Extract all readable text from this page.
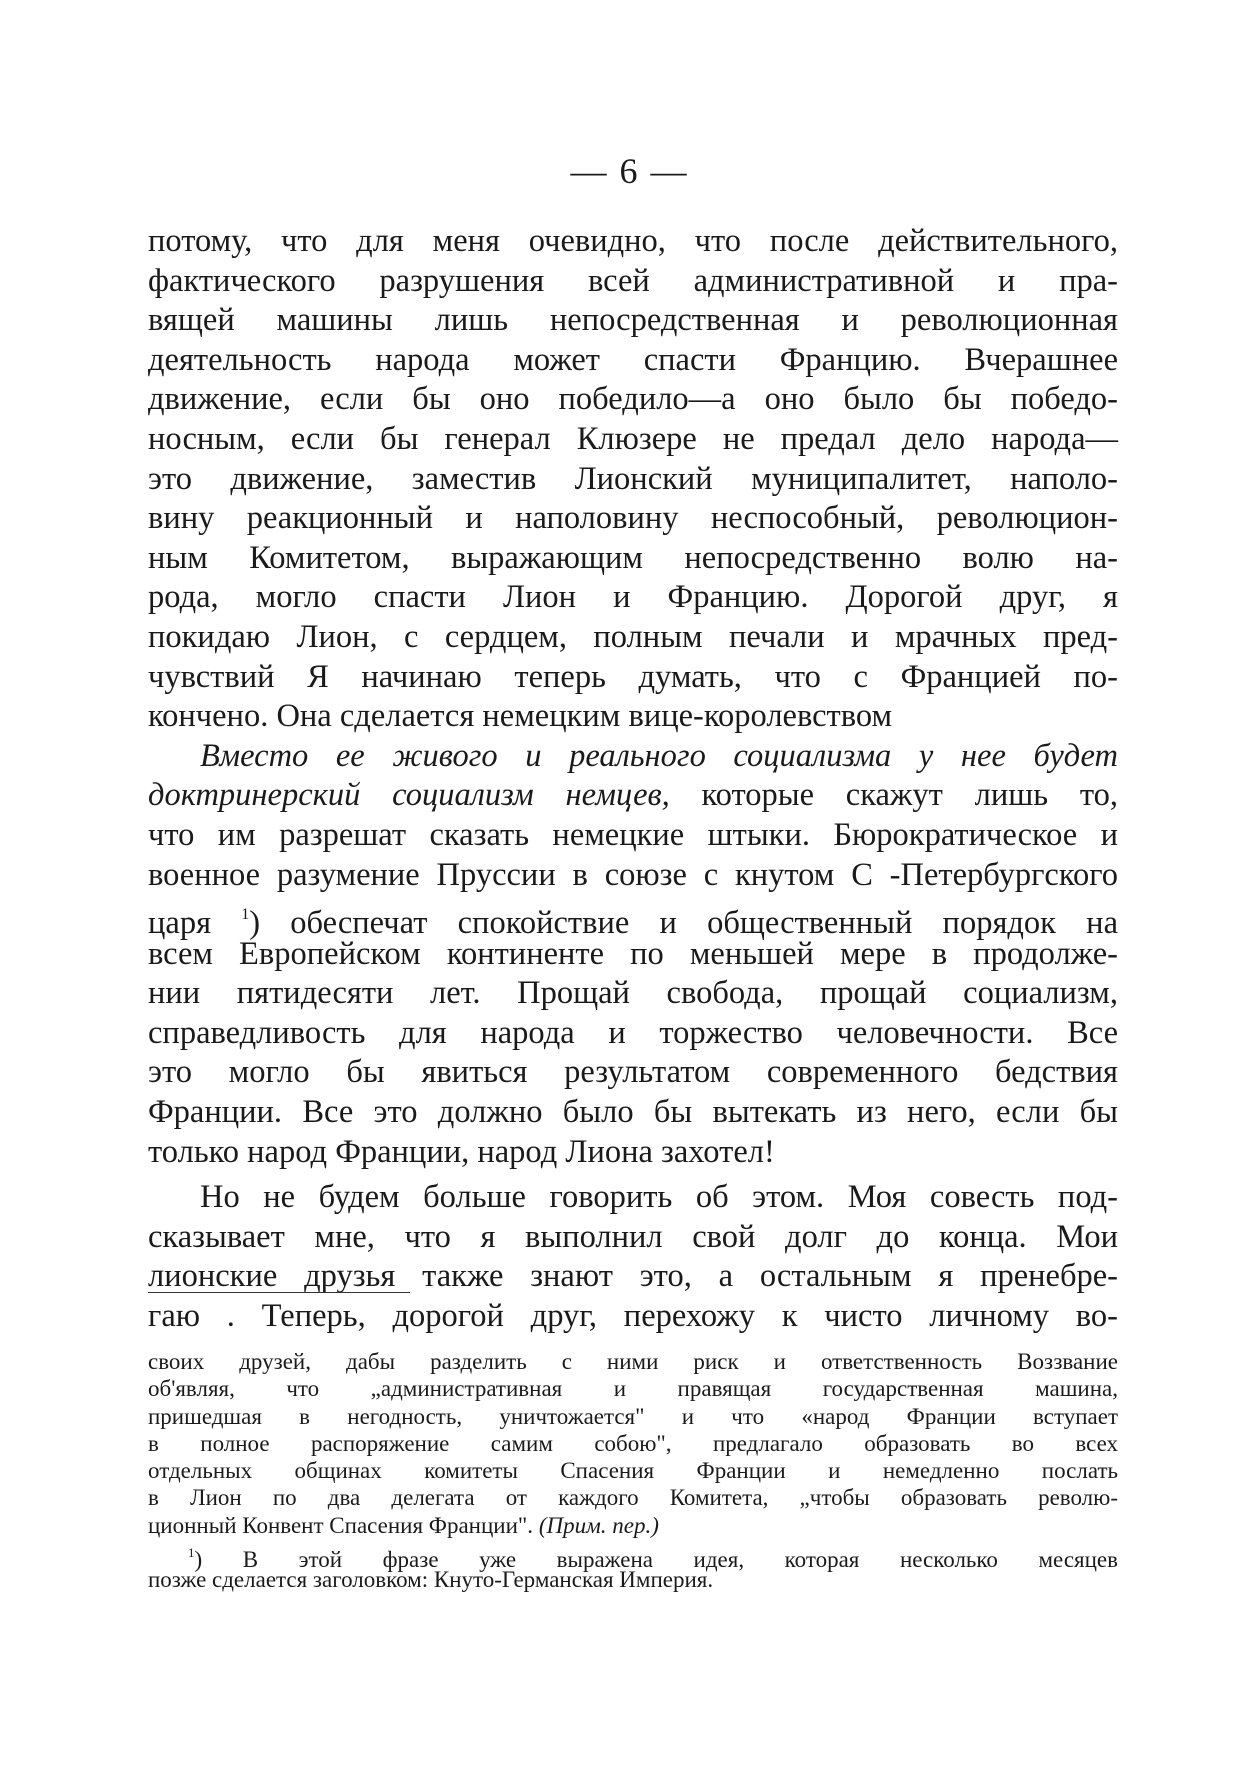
— 6 —
потому, что для меня очевидно, что после действительного,
фактического разрушения всей административной и пра-
вящей машины лишь непосредственная и революционная
деятельность народа может спасти Францию. Вчерашнее
движение, если бы оно победило—а оно было бы победо-
носным, если бы генерал Клюзере не предал дело народа—
это движение, заместив Лионский муниципалитет, наполо-
вину реакционный и наполовину неспособный, революцион-
ным Комитетом, выражающим непосредственно волю на-
рода, могло спасти Лион и Францию. Дорогой друг, я
покидаю Лион, с сердцем, полным печали и мрачных пред-
чувствий Я начинаю теперь думать, что с Францией по-
кончено. Она сделается немецким вице-королевством
Вместо ее живого и реального социализма у нее будет
доктринерский социализм немцев, которые скажут лишь то,
что им разрешат сказать немецкие штыки. Бюрократическое и
военное разумение Пруссии в союзе с кнутом С -Петербургского
царя $^1$) обеспечат спокойствие и общественный порядок на
всем Европейском континенте по меньшей мере в продолже-
нии пятидесяти лет. Прощай свобода, прощай социализм,
справедливость для народа и торжество человечности. Все
это могло бы явиться результатом современного бедствия
Франции. Все это должно было бы вытекать из него, если бы
только народ Франции, народ Лиона захотел!
Но не будем больше говорить об этом. Моя совесть под-
сказывает мне, что я выполнил свой долг до конца. Мои
лионские друзья также знают это, а остальным я пренебре-
гаю . Теперь, дорогой друг, перехожу к чисто личному во-
своих друзей, дабы разделить с ними риск и ответственность Воззвание
об'являя, что „административная и правящая государственная машина,
пришедшая в негодность, уничтожается" и что «народ Франции вступает
в полное распоряжение самим собою", предлагало образовать во всех
отдельных общинах комитеты Спасения Франции и немедленно послать
в Лион по два делегата от каждого Комитета, „чтобы образовать револю-
ционный Конвент Спасения Франции". (Прим. пер.)
$^1$) В этой фразе уже выражена идея, которая несколько месяцев
позже сделается заголовком: Кнуто-Германская Империя.
